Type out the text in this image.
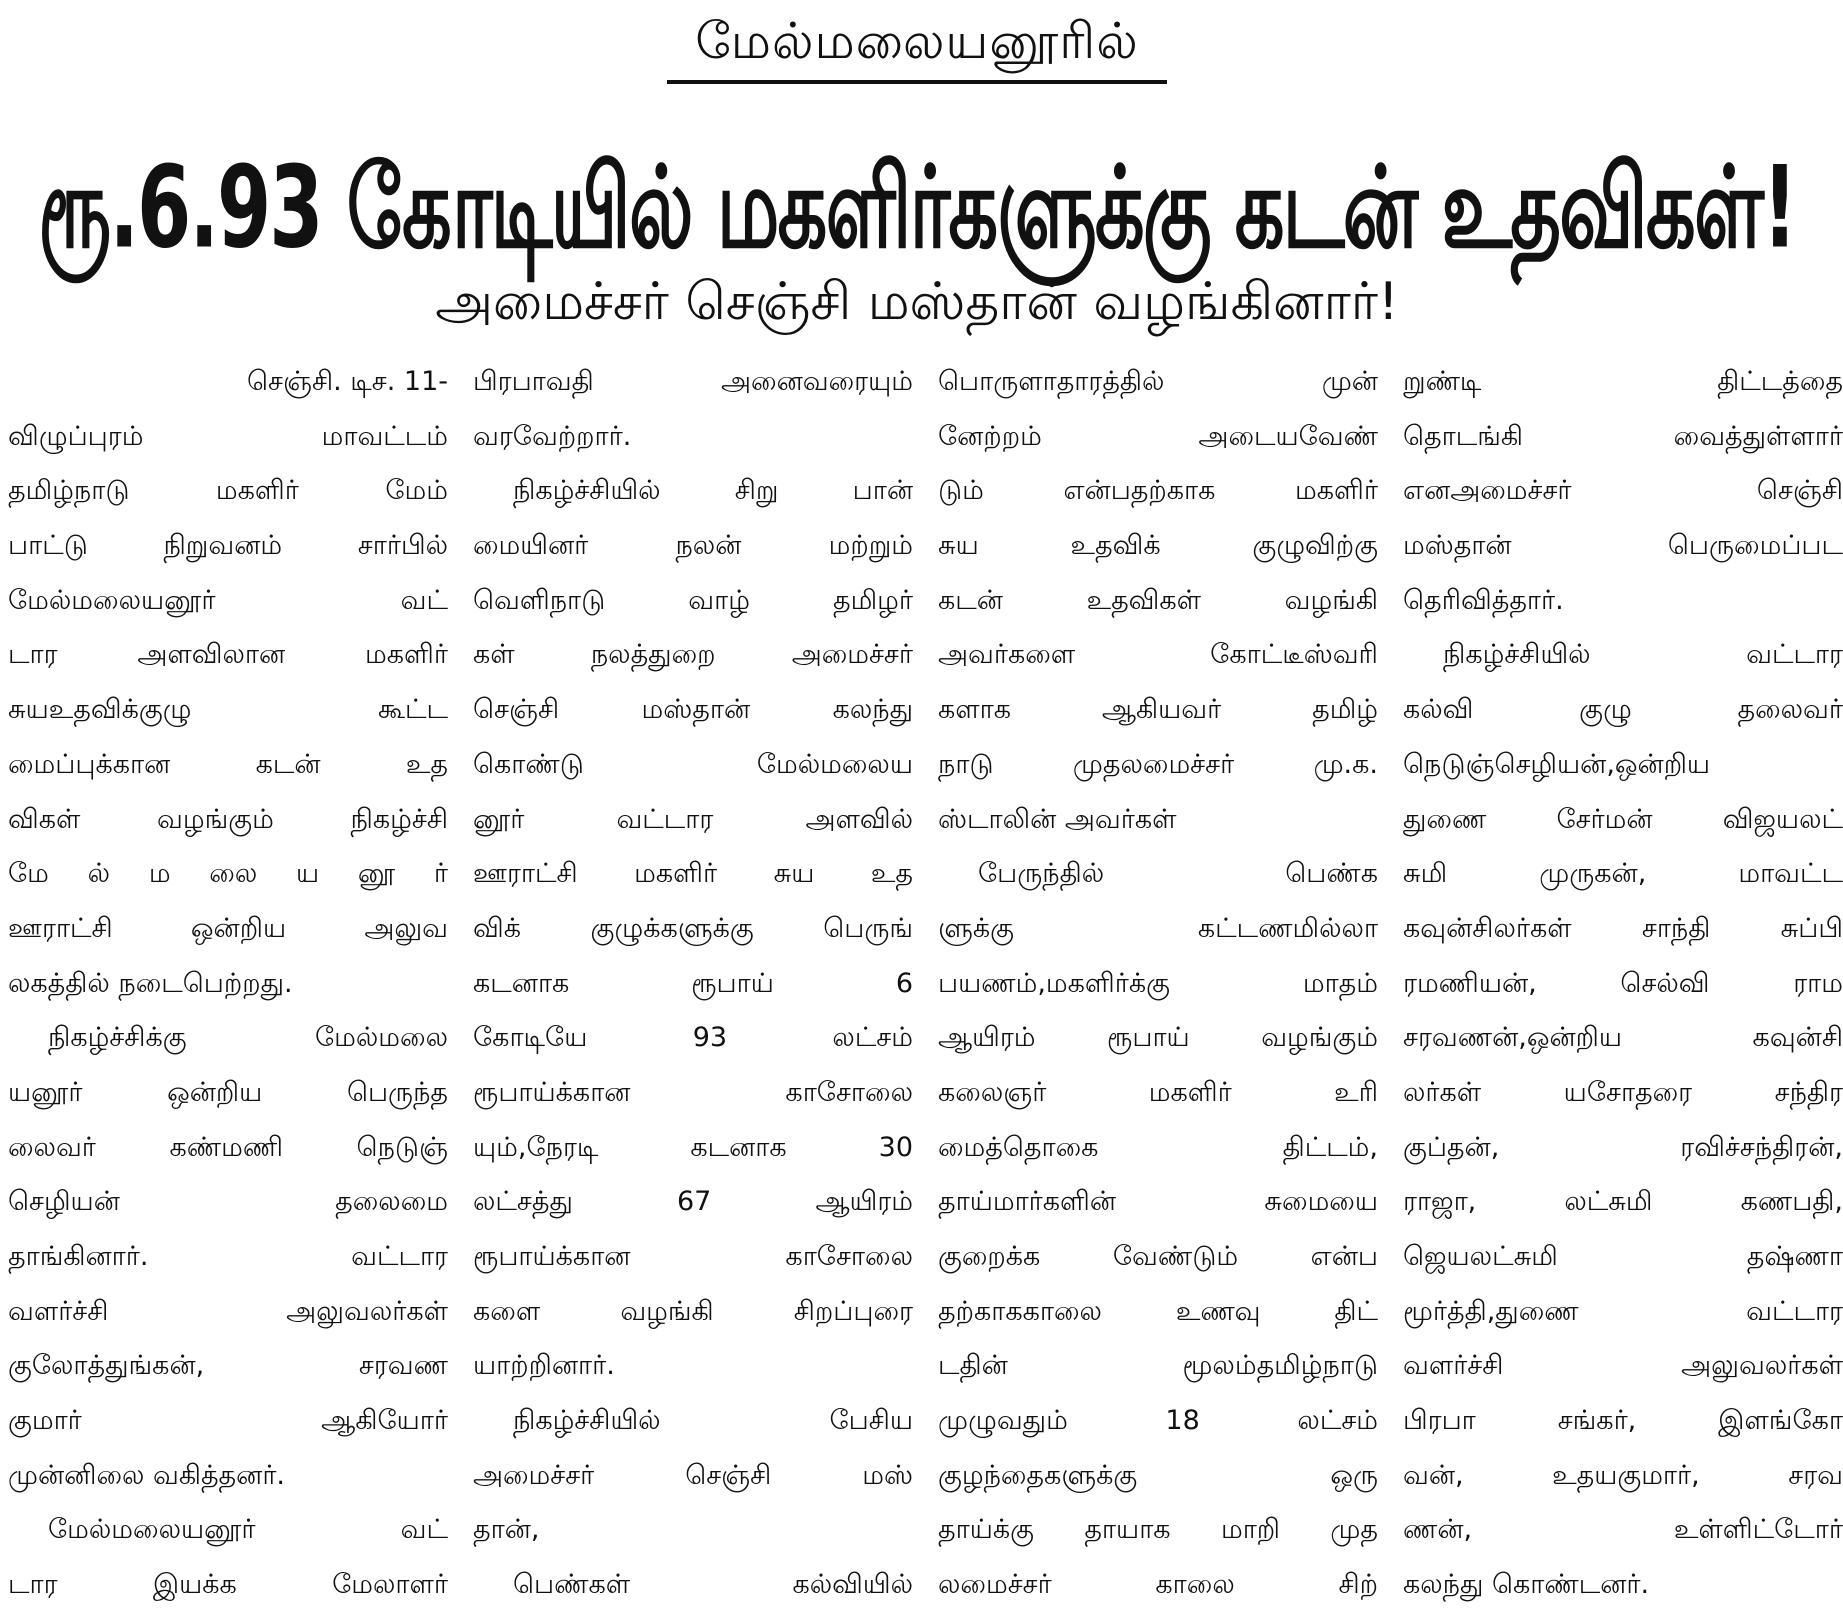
மேல்மலையனூரில்
ரூ.6.93 கோடியில் மகளிர்களுக்கு கடன் உதவிகள்!
அமைச்சர் செஞ்சி மஸ்தான் வழங்கினார்!
செஞ்சி. டிச. 11-
விழுப்புரம் மாவட்டம்
தமிழ்நாடு மகளிர் மேம்
பாட்டு நிறுவனம் சார்பில்
மேல்மலையனூர் வட்
டார அளவிலான மகளிர்
சுயஉதவிக்குழு கூட்ட
மைப்புக்கான கடன் உத
விகள் வழங்கும் நிகழ்ச்சி
மே ல் ம லை ய னூ ர்
ஊராட்சி ஒன்றிய அலுவ
லகத்தில் நடைபெற்றது.
நிகழ்ச்சிக்கு மேல்மலை
யனூர் ஒன்றிய பெருந்த
லைவர் கண்மணி நெடுஞ்
செழியன் தலைமை
தாங்கினார். வட்டார
வளர்ச்சி அலுவலர்கள்
குலோத்துங்கன், சரவண
குமார் ஆகியோர்
முன்னிலை வகித்தனர்.
மேல்மலையனூர் வட்
டார இயக்க மேலாளர்
பிரபாவதி அனைவரையும்
வரவேற்றார்.
நிகழ்ச்சியில் சிறு பான்
மையினர் நலன் மற்றும்
வெளிநாடு வாழ் தமிழர்
கள் நலத்துறை அமைச்சர்
செஞ்சி மஸ்தான் கலந்து
கொண்டு மேல்மலைய
னூர் வட்டார அளவில்
ஊராட்சி மகளிர் சுய உத
விக் குழுக்களுக்கு பெருங்
கடனாக ரூபாய் 6
கோடியே 93 லட்சம்
ரூபாய்க்கான காசோலை
யும்,நேரடி கடனாக 30
லட்சத்து 67 ஆயிரம்
ரூபாய்க்கான காசோலை
களை வழங்கி சிறப்புரை
யாற்றினார்.
நிகழ்ச்சியில் பேசிய
அமைச்சர் செஞ்சி மஸ்
தான்,
பெண்கள் கல்வியில்
பொருளாதாரத்தில் முன்
னேற்றம் அடையவேண்
டும் என்பதற்காக மகளிர்
சுய உதவிக் குழுவிற்கு
கடன் உதவிகள் வழங்கி
அவர்களை கோட்டீஸ்வரி
களாக ஆகியவர் தமிழ்
நாடு முதலமைச்சர் மு.க.
ஸ்டாலின் அவர்கள்
பேருந்தில் பெண்க
ளுக்கு கட்டணமில்லா
பயணம்,மகளிர்க்கு மாதம்
ஆயிரம் ரூபாய் வழங்கும்
கலைஞர் மகளிர் உரி
மைத்தொகை திட்டம்,
தாய்மார்களின் சுமையை
குறைக்க வேண்டும் என்ப
தற்காககாலை உணவு திட்
டதின் மூலம்தமிழ்நாடு
முழுவதும் 18 லட்சம்
குழந்தைகளுக்கு ஒரு
தாய்க்கு தாயாக மாறி முத
லமைச்சர் காலை சிற்
றுண்டி திட்டத்தை
தொடங்கி வைத்துள்ளார்
எனஅமைச்சர் செஞ்சி
மஸ்தான் பெருமைப்பட
தெரிவித்தார்.
நிகழ்ச்சியில் வட்டார
கல்வி குழு தலைவர்
நெடுஞ்செழியன்,ஒன்றிய
துணை சேர்மன் விஜயலட்
சுமி முருகன், மாவட்ட
கவுன்சிலர்கள் சாந்தி சுப்பி
ரமணியன், செல்வி ராம
சரவணன்,ஒன்றிய கவுன்சி
லர்கள் யசோதரை சந்திர
குப்தன், ரவிச்சந்திரன்,
ராஜா, லட்சுமி கணபதி,
ஜெயலட்சுமி தஷ்ணா
மூர்த்தி,துணை வட்டார
வளர்ச்சி அலுவலர்கள்
பிரபா சங்கர், இளங்கோ
வன், உதயகுமார், சரவ
ணன், உள்ளிட்டோர்
கலந்து கொண்டனர்.
